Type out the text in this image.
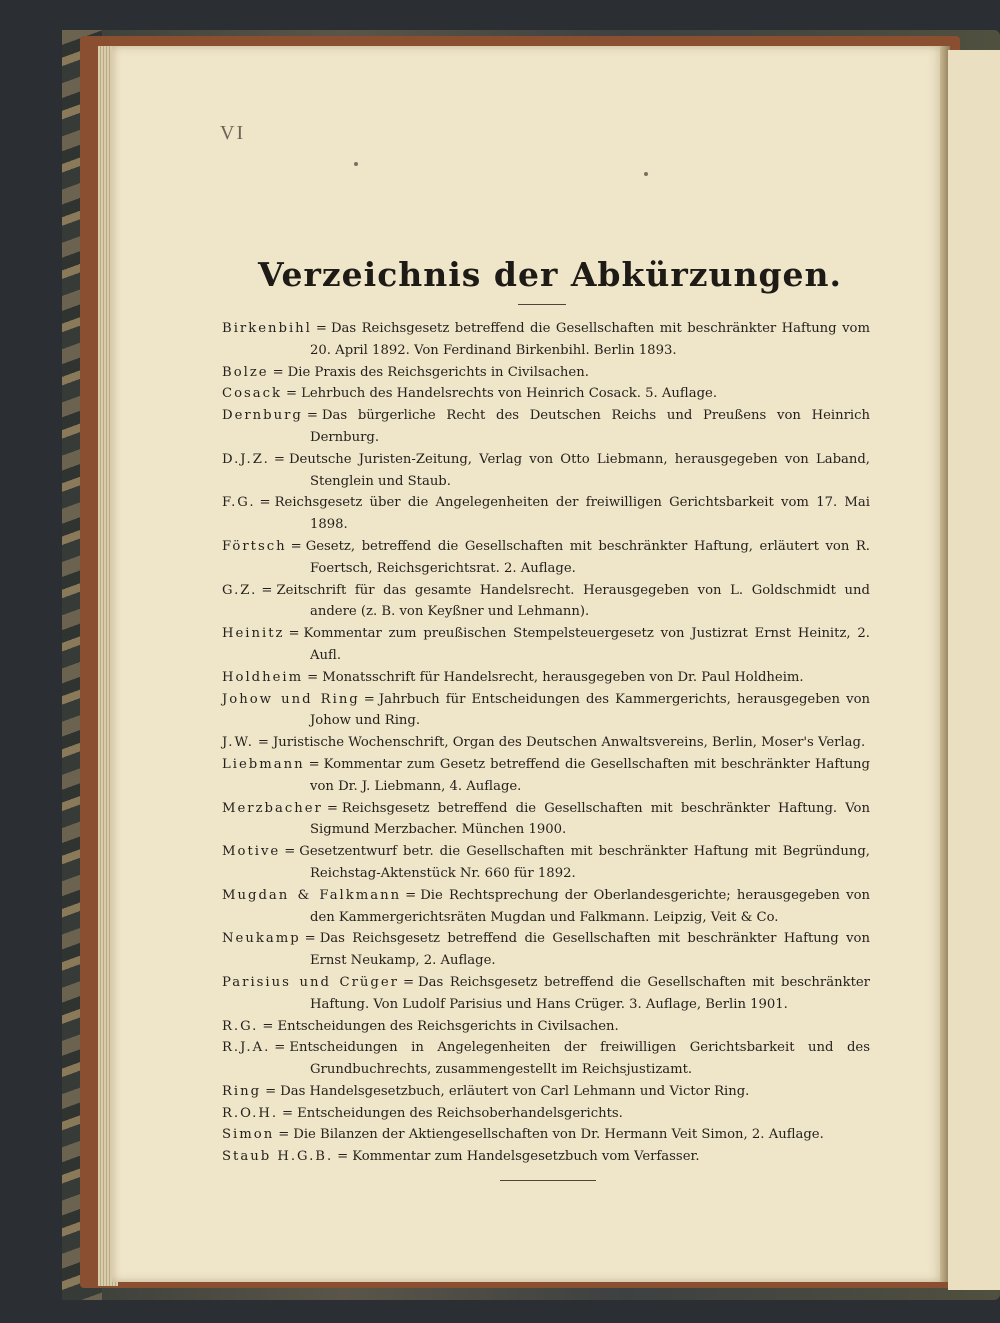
VI
Verzeichnis der Abkürzungen.
Birkenbihl = Das Reichsgesetz betreffend die Gesellschaften mit beschränkter Haftung vom 20. April 1892. Von Ferdinand Birkenbihl. Berlin 1893.
Bolze = Die Praxis des Reichsgerichts in Civilsachen.
Cosack = Lehrbuch des Handelsrechts von Heinrich Cosack. 5. Auflage.
Dernburg = Das bürgerliche Recht des Deutschen Reichs und Preußens von Heinrich Dernburg.
D.J.Z. = Deutsche Juristen-Zeitung, Verlag von Otto Liebmann, herausgegeben von Laband, Stenglein und Staub.
F.G. = Reichsgesetz über die Angelegenheiten der freiwilligen Gerichtsbarkeit vom 17. Mai 1898.
Förtsch = Gesetz, betreffend die Gesellschaften mit beschränkter Haftung, erläutert von R. Foertsch, Reichsgerichtsrat. 2. Auflage.
G.Z. = Zeitschrift für das gesamte Handelsrecht. Herausgegeben von L. Goldschmidt und andere (z. B. von Keyßner und Lehmann).
Heinitz = Kommentar zum preußischen Stempelsteuergesetz von Justizrat Ernst Heinitz, 2. Aufl.
Holdheim = Monatsschrift für Handelsrecht, herausgegeben von Dr. Paul Holdheim.
Johow und Ring = Jahrbuch für Entscheidungen des Kammergerichts, herausgegeben von Johow und Ring.
J.W. = Juristische Wochenschrift, Organ des Deutschen Anwaltsvereins, Berlin, Moser's Verlag.
Liebmann = Kommentar zum Gesetz betreffend die Gesellschaften mit beschränkter Haftung von Dr. J. Liebmann, 4. Auflage.
Merzbacher = Reichsgesetz betreffend die Gesellschaften mit beschränkter Haftung. Von Sigmund Merzbacher. München 1900.
Motive = Gesetzentwurf betr. die Gesellschaften mit beschränkter Haftung mit Begründung, Reichstag-Aktenstück Nr. 660 für 1892.
Mugdan & Falkmann = Die Rechtsprechung der Oberlandesgerichte; herausgegeben von den Kammergerichtsräten Mugdan und Falkmann. Leipzig, Veit & Co.
Neukamp = Das Reichsgesetz betreffend die Gesellschaften mit beschränkter Haftung von Ernst Neukamp, 2. Auflage.
Parisius und Crüger = Das Reichsgesetz betreffend die Gesellschaften mit beschränkter Haftung. Von Ludolf Parisius und Hans Crüger. 3. Auflage, Berlin 1901.
R.G. = Entscheidungen des Reichsgerichts in Civilsachen.
R.J.A. = Entscheidungen in Angelegenheiten der freiwilligen Gerichtsbarkeit und des Grundbuchrechts, zusammengestellt im Reichsjustizamt.
Ring = Das Handelsgesetzbuch, erläutert von Carl Lehmann und Victor Ring.
R.O.H. = Entscheidungen des Reichsoberhandelsgerichts.
Simon = Die Bilanzen der Aktiengesellschaften von Dr. Hermann Veit Simon, 2. Auflage.
Staub H.G.B. = Kommentar zum Handelsgesetzbuch vom Verfasser.
